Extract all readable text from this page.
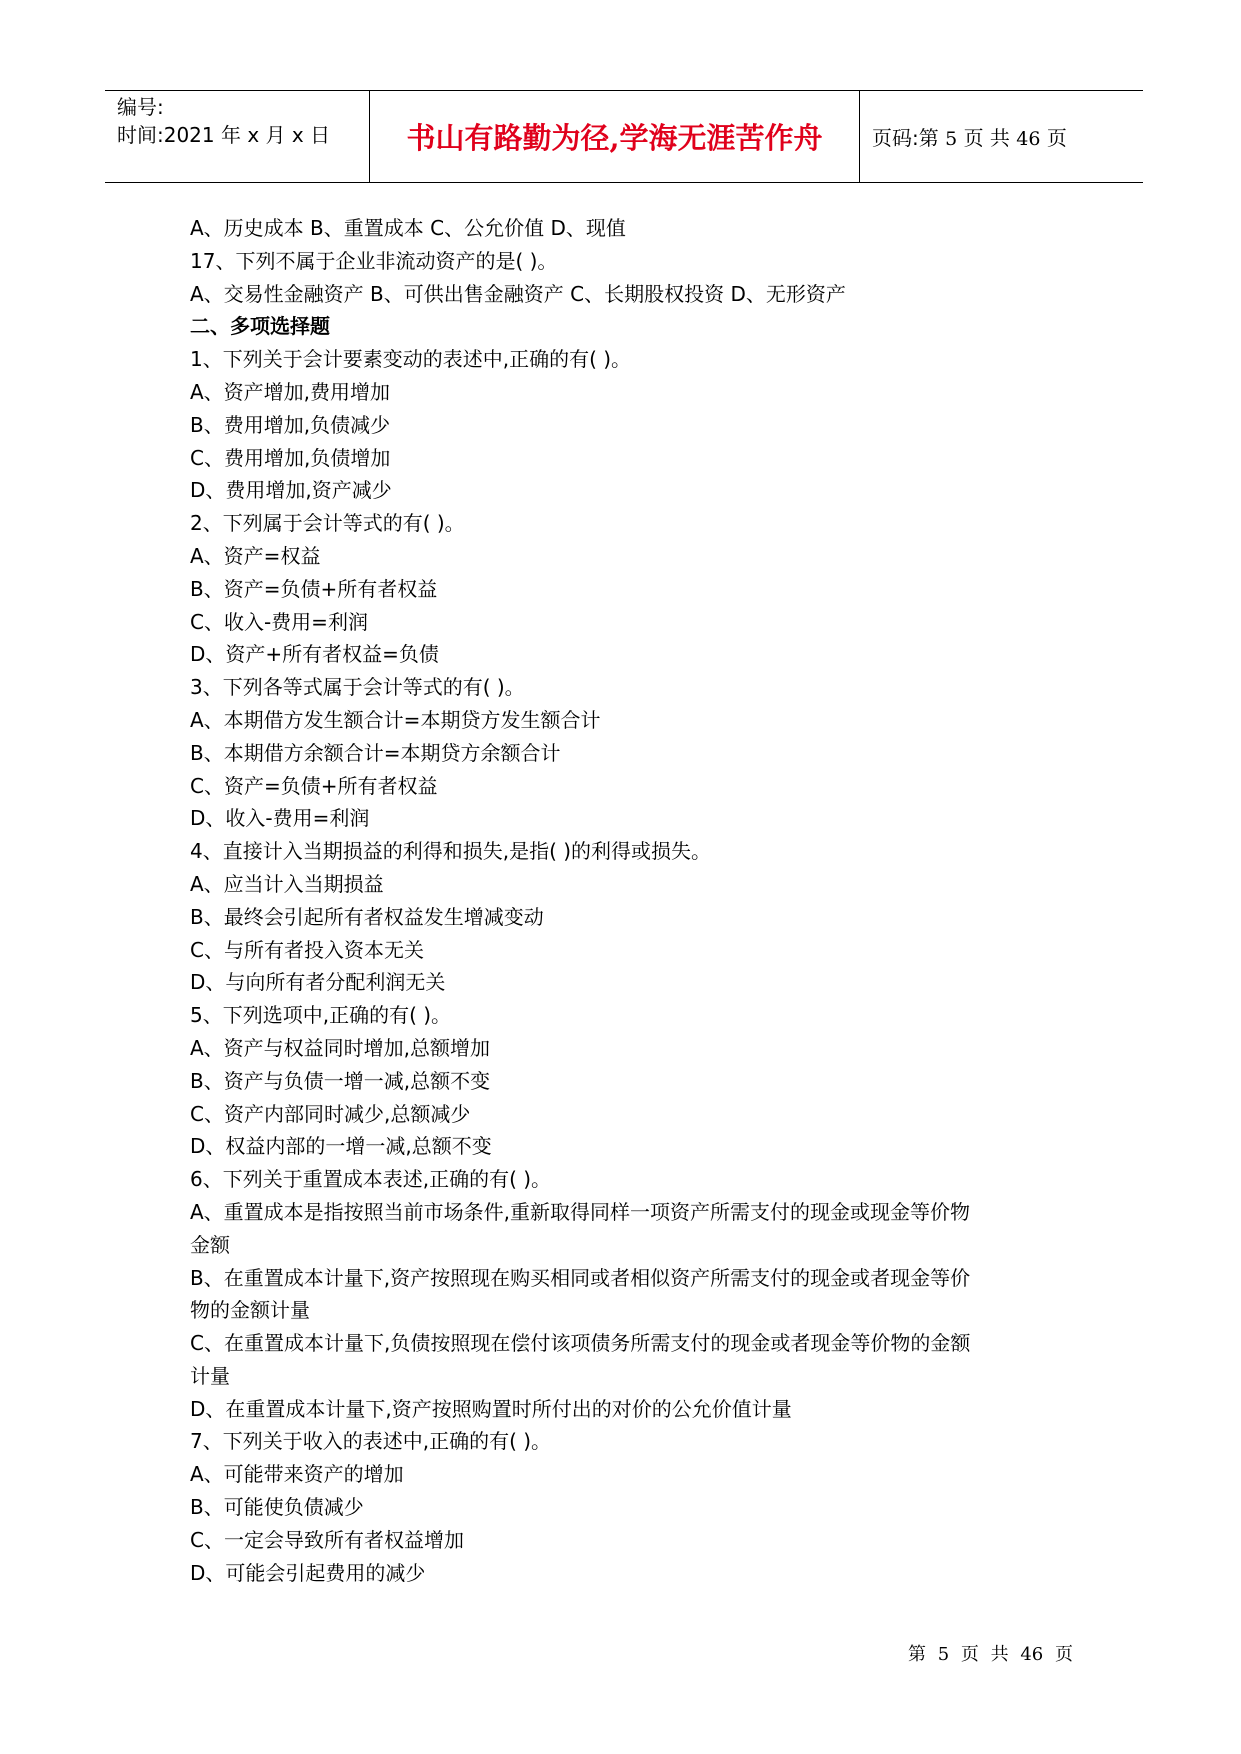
编号:
时间:2021 年 x 月 x 日	书山有路勤为径,学海无涯苦作舟 页码:第 5 页 共 46 页
A、历史成本 B、重置成本 C、公允价值 D、现值
17、下列不属于企业非流动资产的是( )。
A、交易性金融资产 B、可供出售金融资产 C、长期股权投资 D、无形资产
二、多项选择题
1、下列关于会计要素变动的表述中,正确的有( )。
A、资产增加,费用增加
B、费用增加,负债减少
C、费用增加,负债增加
D、费用增加,资产减少
2、下列属于会计等式的有( )。
A、资产=权益
B、资产=负债+所有者权益
C、收入-费用=利润
D、资产+所有者权益=负债
3、下列各等式属于会计等式的有( )。
A、本期借方发生额合计=本期贷方发生额合计
B、本期借方余额合计=本期贷方余额合计
C、资产=负债+所有者权益
D、收入-费用=利润
4、直接计入当期损益的利得和损失,是指( )的利得或损失。
A、应当计入当期损益
B、最终会引起所有者权益发生增减变动
C、与所有者投入资本无关
D、与向所有者分配利润无关
5、下列选项中,正确的有( )。
A、资产与权益同时增加,总额增加
B、资产与负债一增一减,总额不变
C、资产内部同时减少,总额减少
D、权益内部的一增一减,总额不变
6、下列关于重置成本表述,正确的有( )。
A、重置成本是指按照当前市场条件,重新取得同样一项资产所需支付的现金或现金等价物
金额
B、在重置成本计量下,资产按照现在购买相同或者相似资产所需支付的现金或者现金等价
物的金额计量
C、在重置成本计量下,负债按照现在偿付该项债务所需支付的现金或者现金等价物的金额
计量
D、在重置成本计量下,资产按照购置时所付出的对价的公允价值计量
7、下列关于收入的表述中,正确的有( )。
A、可能带来资产的增加
B、可能使负债减少
C、一定会导致所有者权益增加
D、可能会引起费用的减少
第 5 页 共 46 页
